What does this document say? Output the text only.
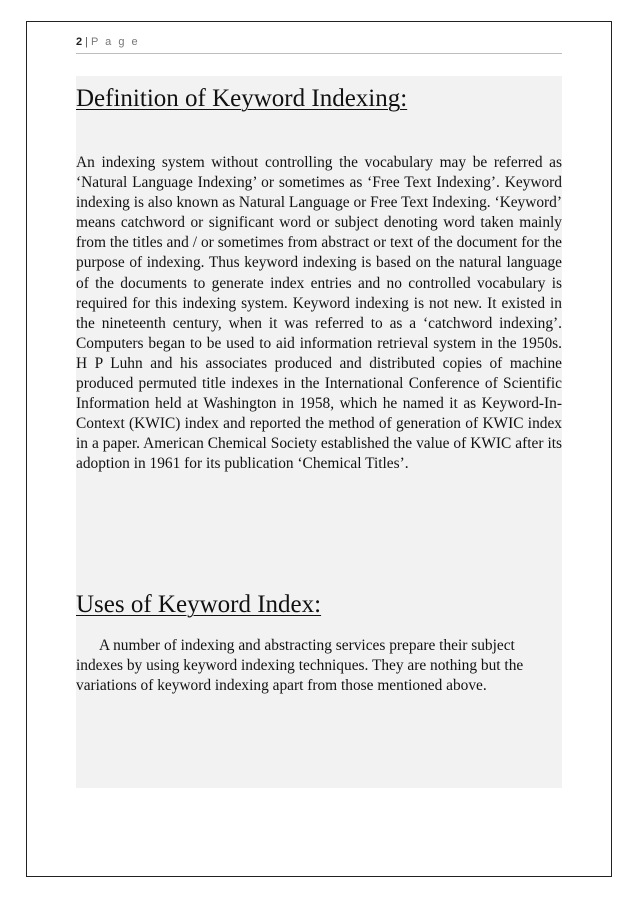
2 | P a g e
Definition of Keyword Indexing:

An indexing system without controlling the vocabulary may be referred as ‘Natural Language Indexing’ or sometimes as ‘Free Text Indexing’. Keyword indexing is also known as Natural Language or Free Text Indexing. ‘Keyword’ means catchword or significant word or subject denoting word taken mainly from the titles and / or sometimes from abstract or text of the document for the purpose of indexing. Thus keyword indexing is based on the natural language of the documents to generate index entries and no controlled vocabulary is required for this indexing system. Keyword indexing is not new. It existed in the nineteenth century, when it was referred to as a ‘catchword indexing’. Computers began to be used to aid information retrieval system in the 1950s. H P Luhn and his associates produced and distributed copies of machine produced permuted title indexes in the International Conference of Scientific Information held at Washington in 1958, which he named it as Keyword-In-Context (KWIC) index and reported the method of generation of KWIC index in a paper. American Chemical Society established the value of KWIC after its adoption in 1961 for its publication ‘Chemical Titles’.

Uses of Keyword Index:

A number of indexing and abstracting services prepare their subject indexes by using keyword indexing techniques. They are nothing but the variations of keyword indexing apart from those mentioned above.
